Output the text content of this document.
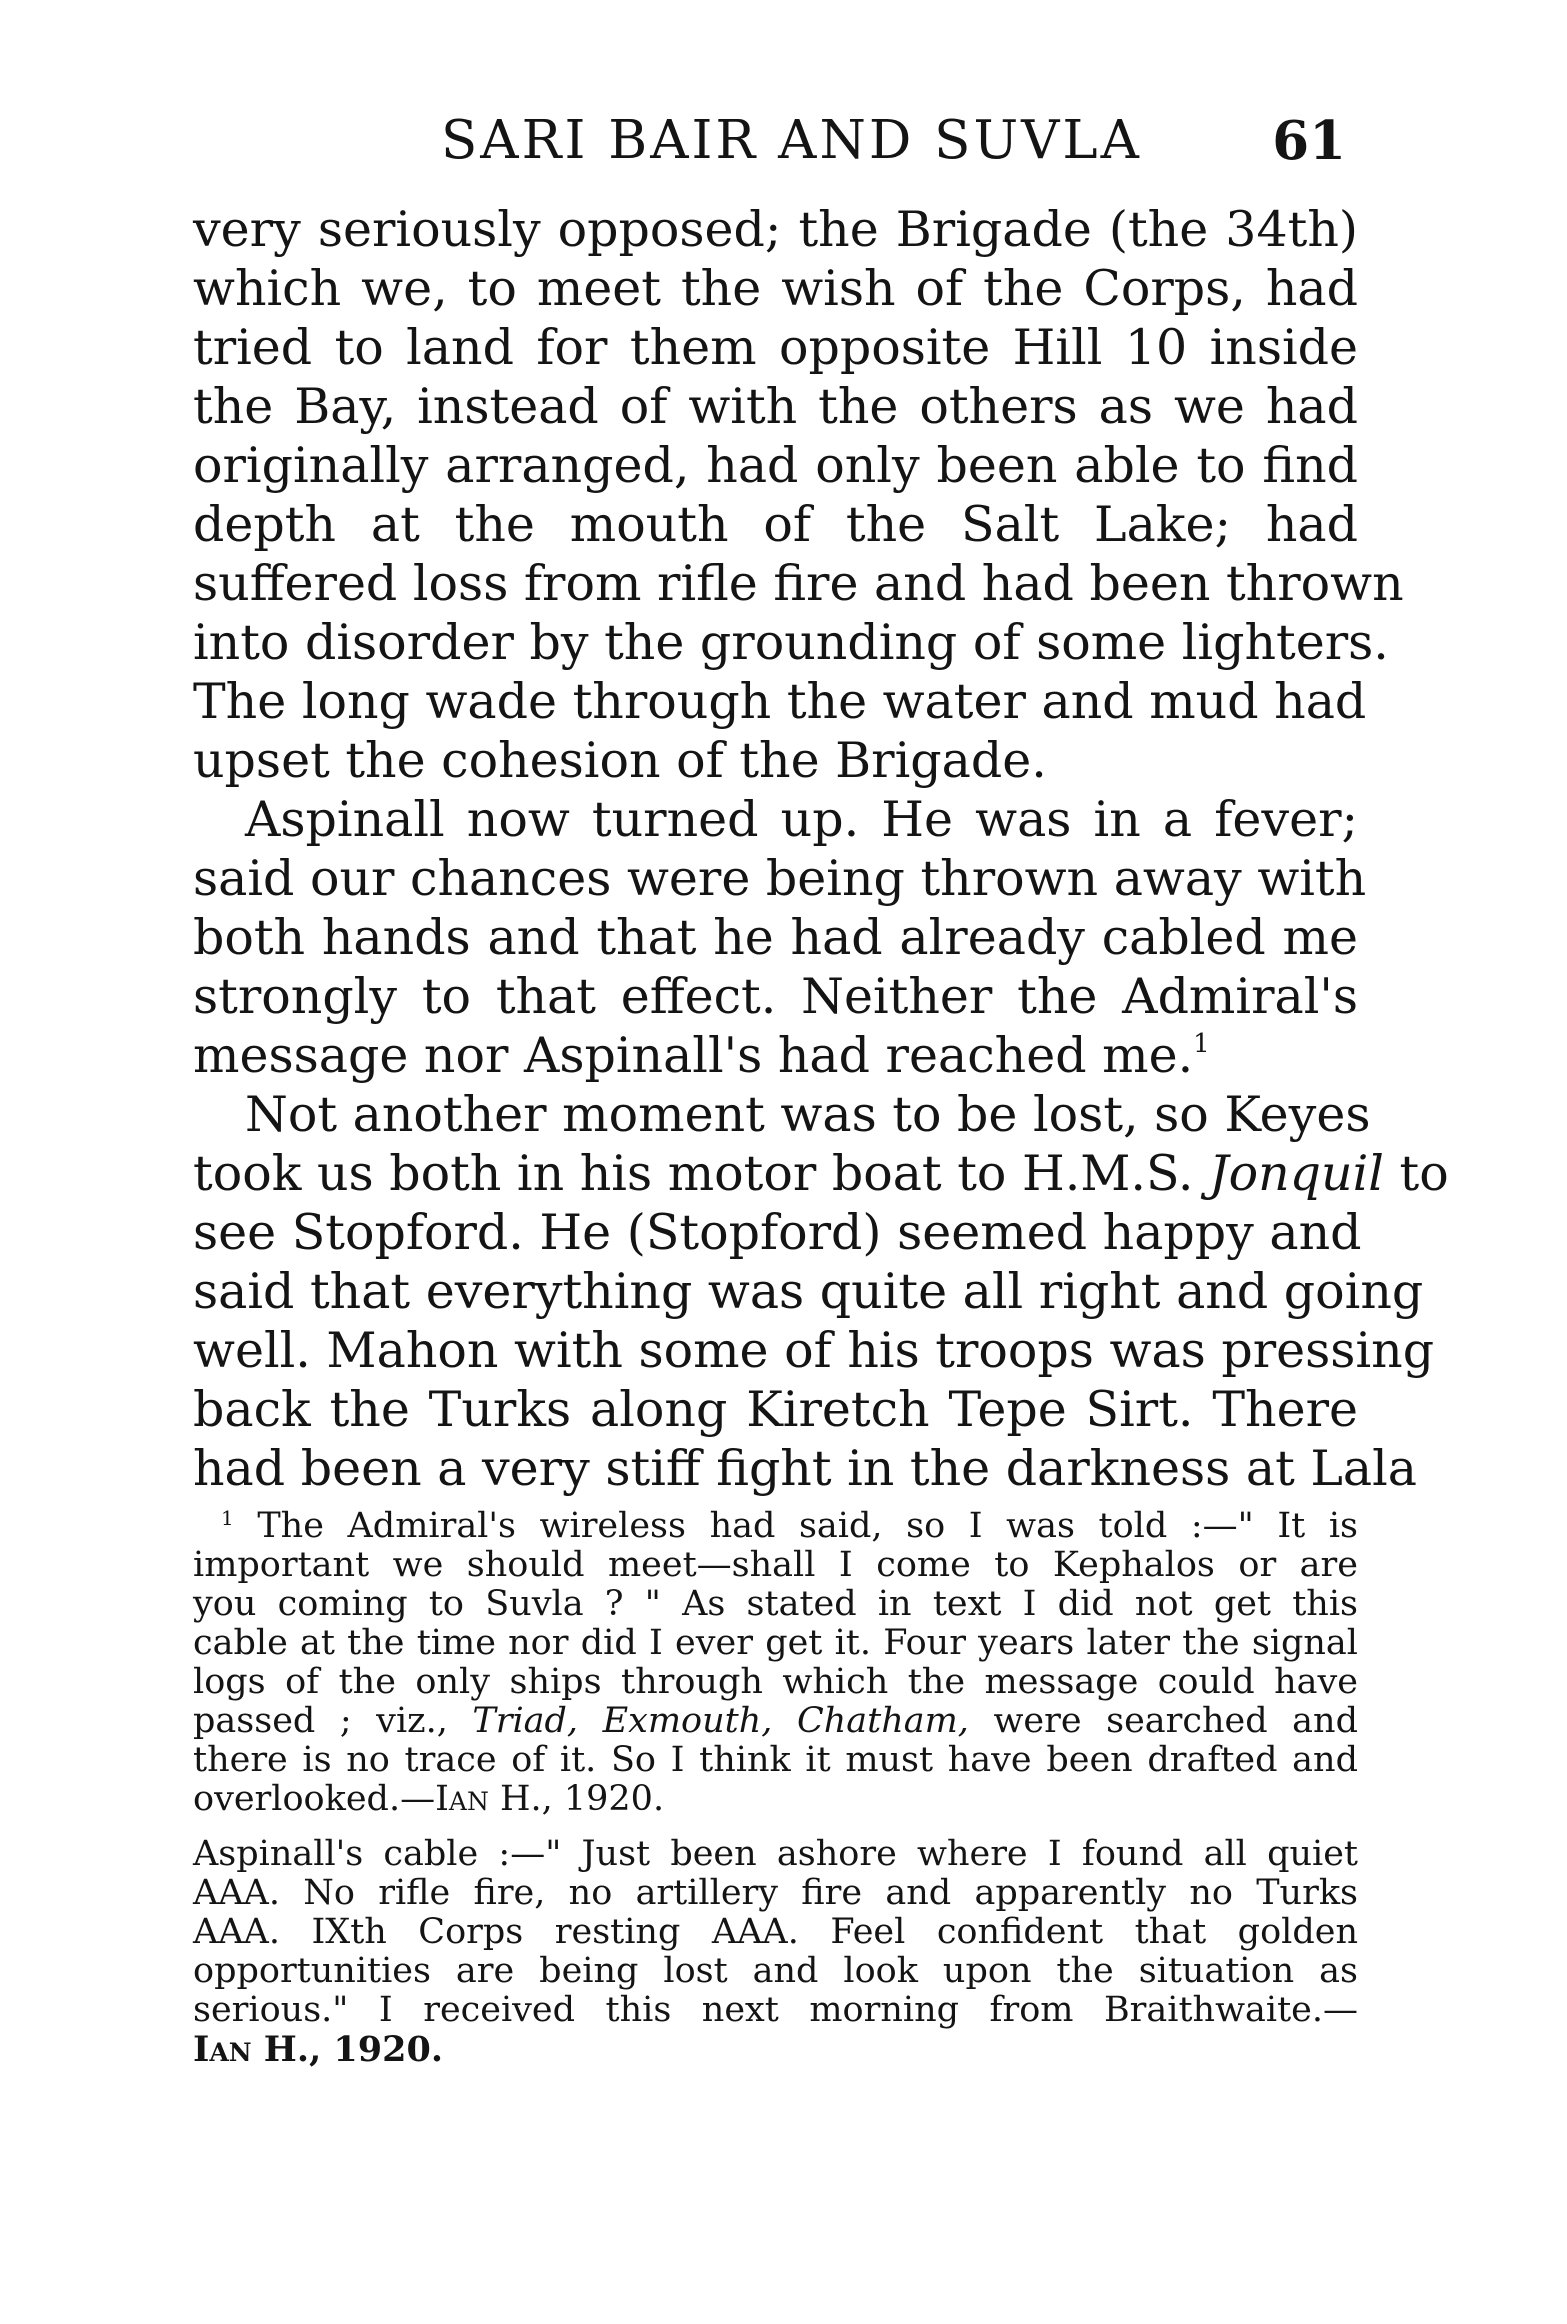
SARI BAIR AND SUVLA 61
very seriously opposed; the Brigade (the 34th)
which we, to meet the wish of the Corps, had
tried to land for them opposite Hill 10 inside
the Bay, instead of with the others as we had
originally arranged, had only been able to find
depth at the mouth of the Salt Lake; had
suffered loss from rifle fire and had been thrown
into disorder by the grounding of some lighters.
The long wade through the water and mud had
upset the cohesion of the Brigade.
Aspinall now turned up. He was in a fever;
said our chances were being thrown away with
both hands and that he had already cabled me
strongly to that effect. Neither the Admiral's
message nor Aspinall's had reached me.$^1$
Not another moment was to be lost, so Keyes
took us both in his motor boat to H.M.S. Jonquil to
see Stopford. He (Stopford) seemed happy and
said that everything was quite all right and going
well. Mahon with some of his troops was pressing
back the Turks along Kiretch Tepe Sirt. There
had been a very stiff fight in the darkness at Lala
$^1$ The Admiral's wireless had said, so I was told :—" It is
important we should meet—shall I come to Kephalos or are
you coming to Suvla ? " As stated in text I did not get this
cable at the time nor did I ever get it. Four years later the signal
logs of the only ships through which the message could have
passed ; viz., Triad, Exmouth, Chatham, were searched and
there is no trace of it. So I think it must have been drafted and
overlooked.—Ian H., 1920.
Aspinall's cable :—" Just been ashore where I found all quiet
AAA. No rifle fire, no artillery fire and apparently no Turks
AAA. IXth Corps resting AAA. Feel confident that golden
opportunities are being lost and look upon the situation as
serious." I received this next morning from Braithwaite.—
Ian H., 1920.
